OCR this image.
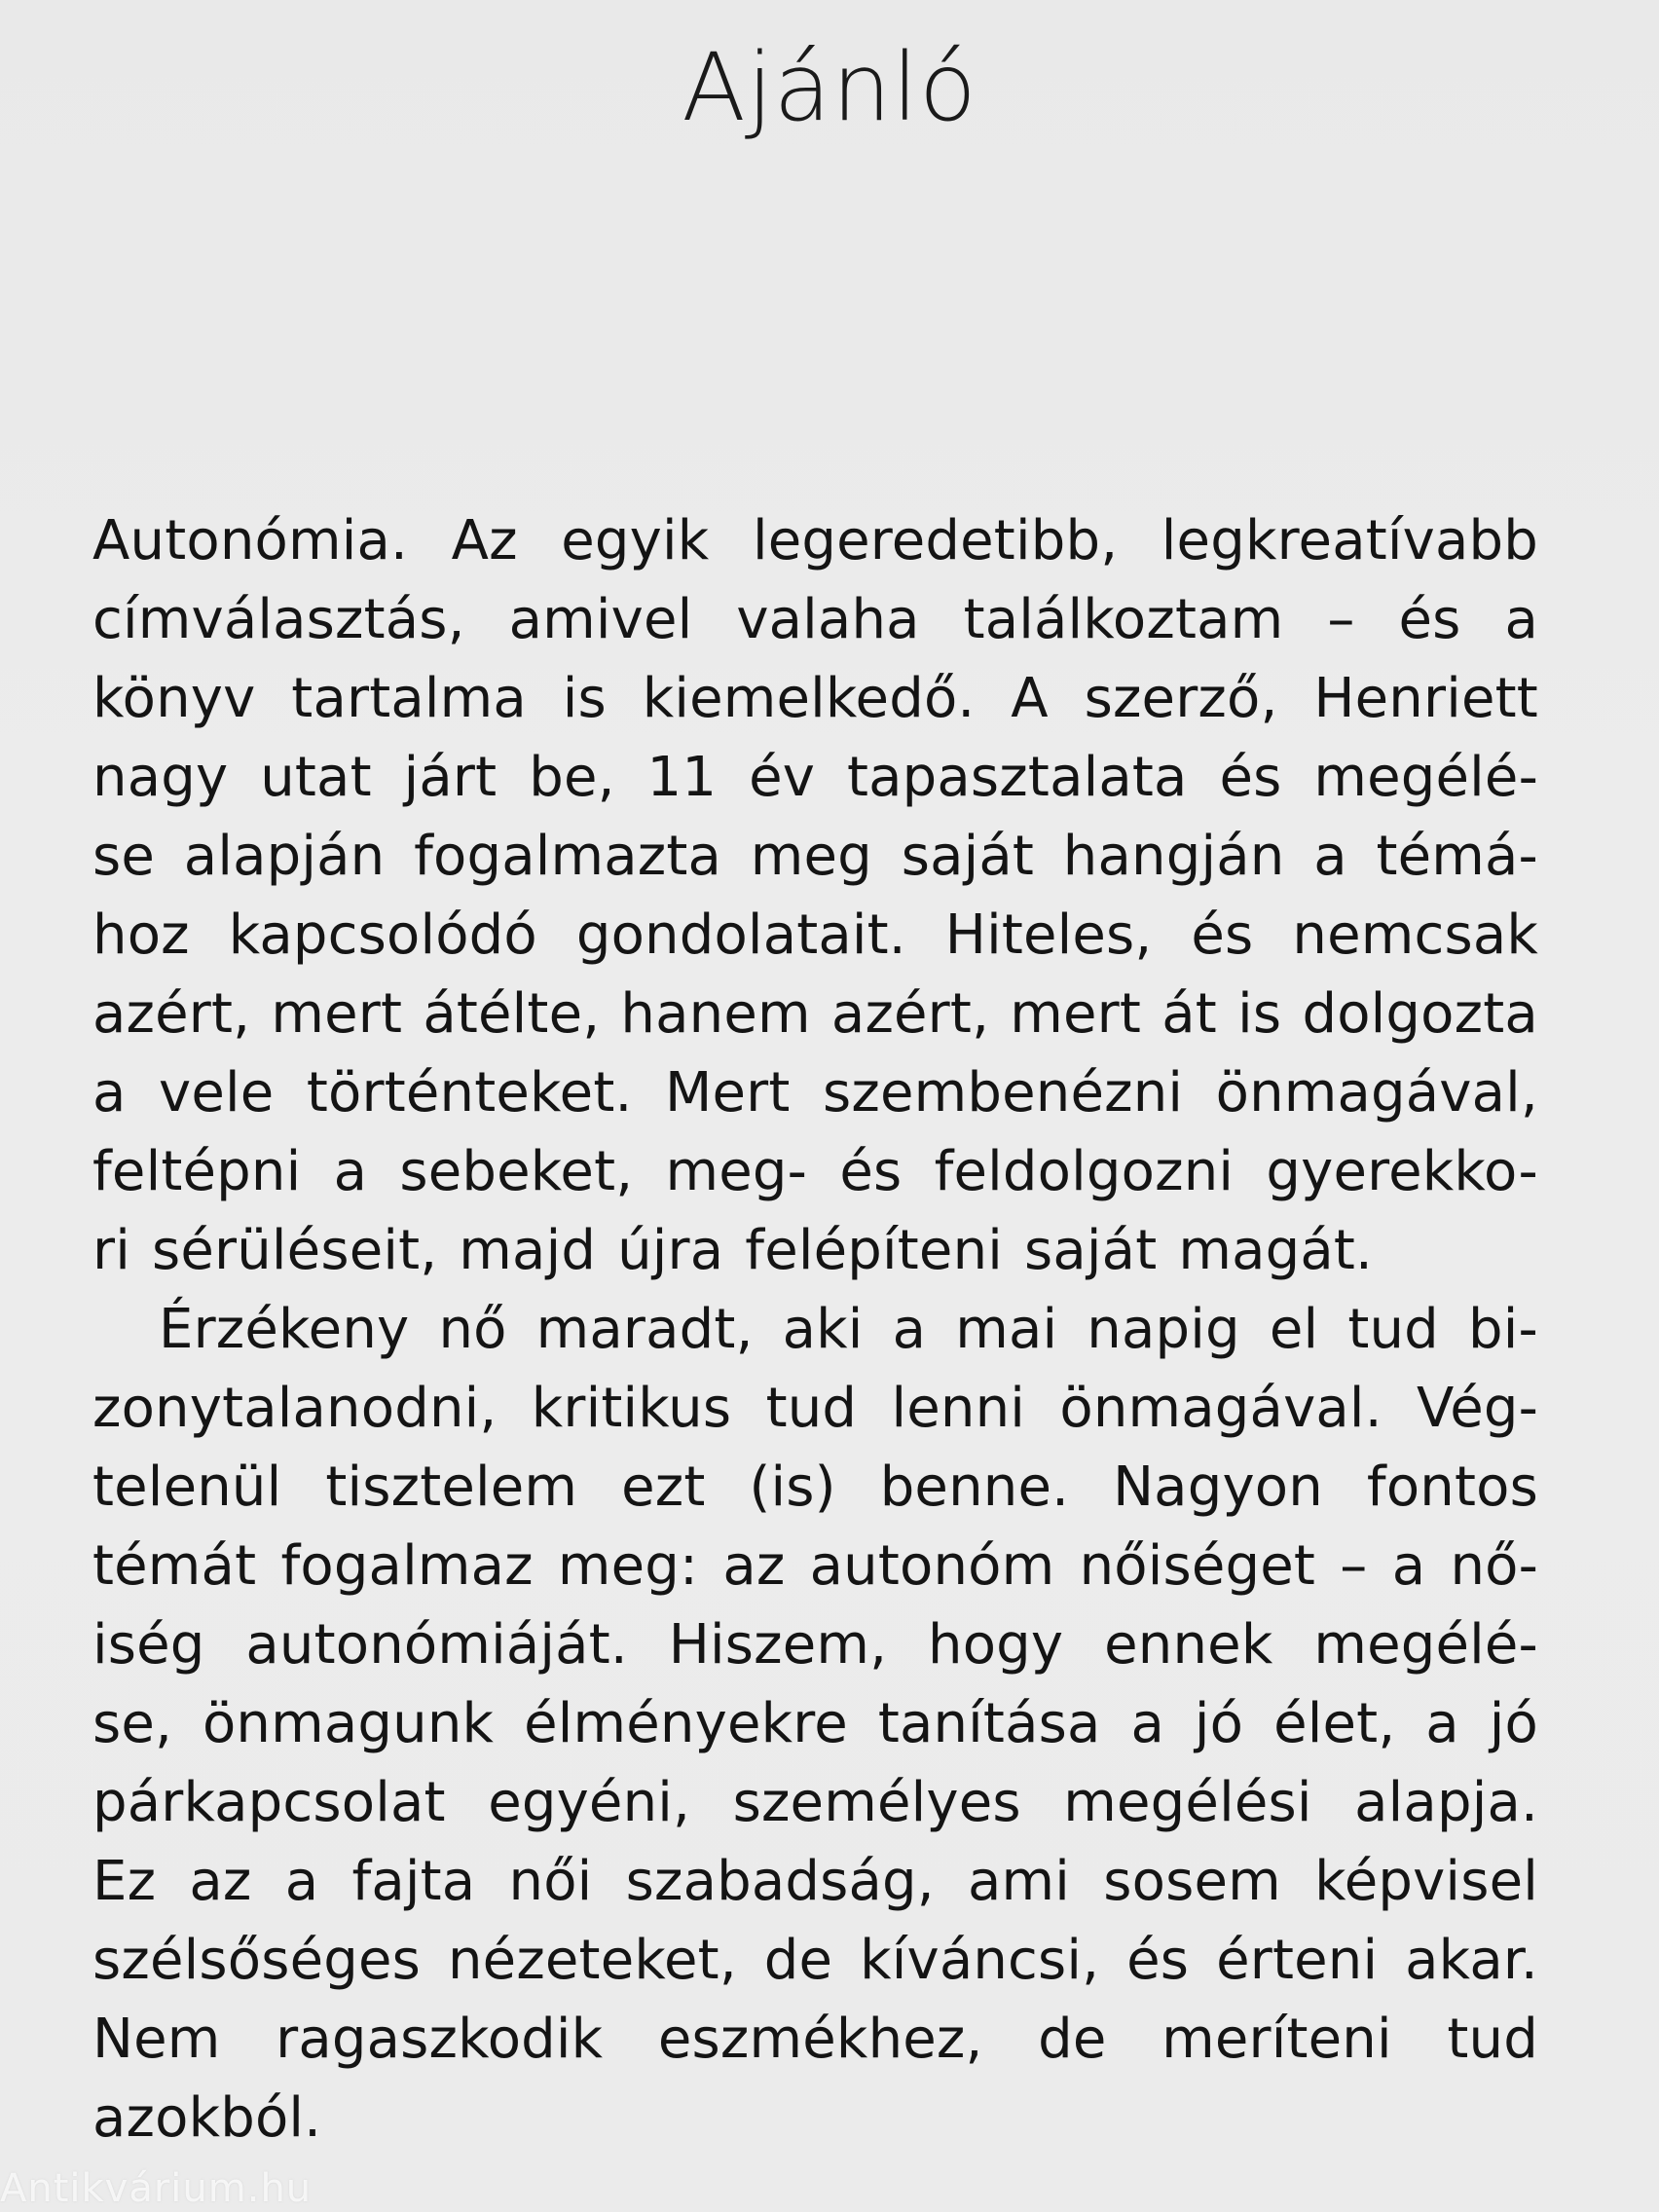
Ajánló
Autonómia. Az egyik legeredetibb, legkreatívabb
címválasztás, amivel valaha találkoztam – és a
könyv tartalma is kiemelkedő. A szerző, Henriett
nagy utat járt be, 11 év tapasztalata és megélé-
se alapján fogalmazta meg saját hangján a témá-
hoz kapcsolódó gondolatait. Hiteles, és nemcsak
azért, mert átélte, hanem azért, mert át is dolgozta
a vele történteket. Mert szembenézni önmagával,
feltépni a sebeket, meg- és feldolgozni gyerekko-
ri sérüléseit, majd újra felépíteni saját magát.
Érzékeny nő maradt, aki a mai napig el tud bi-
zonytalanodni, kritikus tud lenni önmagával. Vég-
telenül tisztelem ezt (is) benne. Nagyon fontos
témát fogalmaz meg: az autonóm nőiséget – a nő-
iség autonómiáját. Hiszem, hogy ennek megélé-
se, önmagunk élményekre tanítása a jó élet, a jó
párkapcsolat egyéni, személyes megélési alapja.
Ez az a fajta női szabadság, ami sosem képvisel
szélsőséges nézeteket, de kíváncsi, és érteni akar.
Nem ragaszkodik eszmékhez, de meríteni tud
azokból.
Antikvárium.hu
